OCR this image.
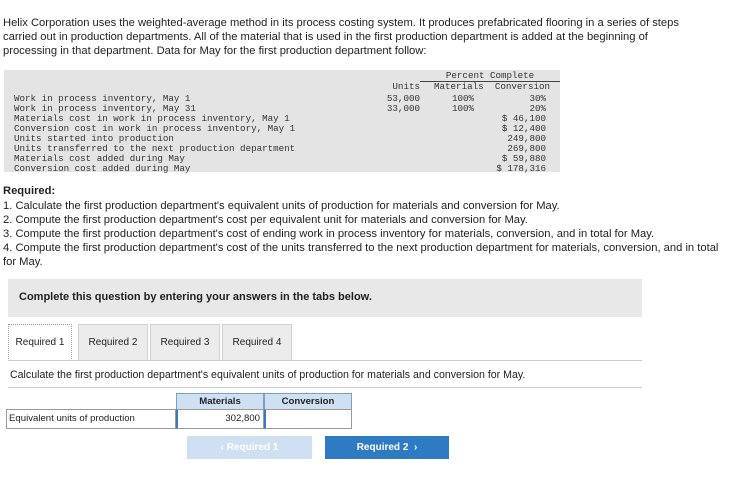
Helix Corporation uses the weighted-average method in its process costing system. It produces prefabricated flooring in a series of steps carried out in production departments. All of the material that is used in the first production department is added at the beginning of processing in that department. Data for May for the first production department follow:
Percent Complete
Units Materials	Conversion
Work in process inventory, May 1	53,000	100%	30%
Work in process inventory, May 31	33,000	100%	20%
Materials cost in work in process inventory, May 1	$ 46,100
Conversion cost in work in process inventory, May 1	$ 12,400
Units started into production	249,800
Units transferred to the next production department	269,800
Materials cost added during May	$ 59,880
Conversion cost added during May	$ 178,316
Required:
1. Calculate the first production department's equivalent units of production for materials and conversion for May.
2. Compute the first production department's cost per equivalent unit for materials and conversion for May.
3. Compute the first production department's cost of ending work in process inventory for materials, conversion, and in total for May.
4. Compute the first production department's cost of the units transferred to the next production department for materials, conversion, and in total for May.
Complete this question by entering your answers in the tabs below.
Required 1	Required 2	Required 3	Required 4
Calculate the first production department's equivalent units of production for materials and conversion for May.
Materials	Conversion
Equivalent units of production	302,800
‹ Required 1	Required 2  ›
